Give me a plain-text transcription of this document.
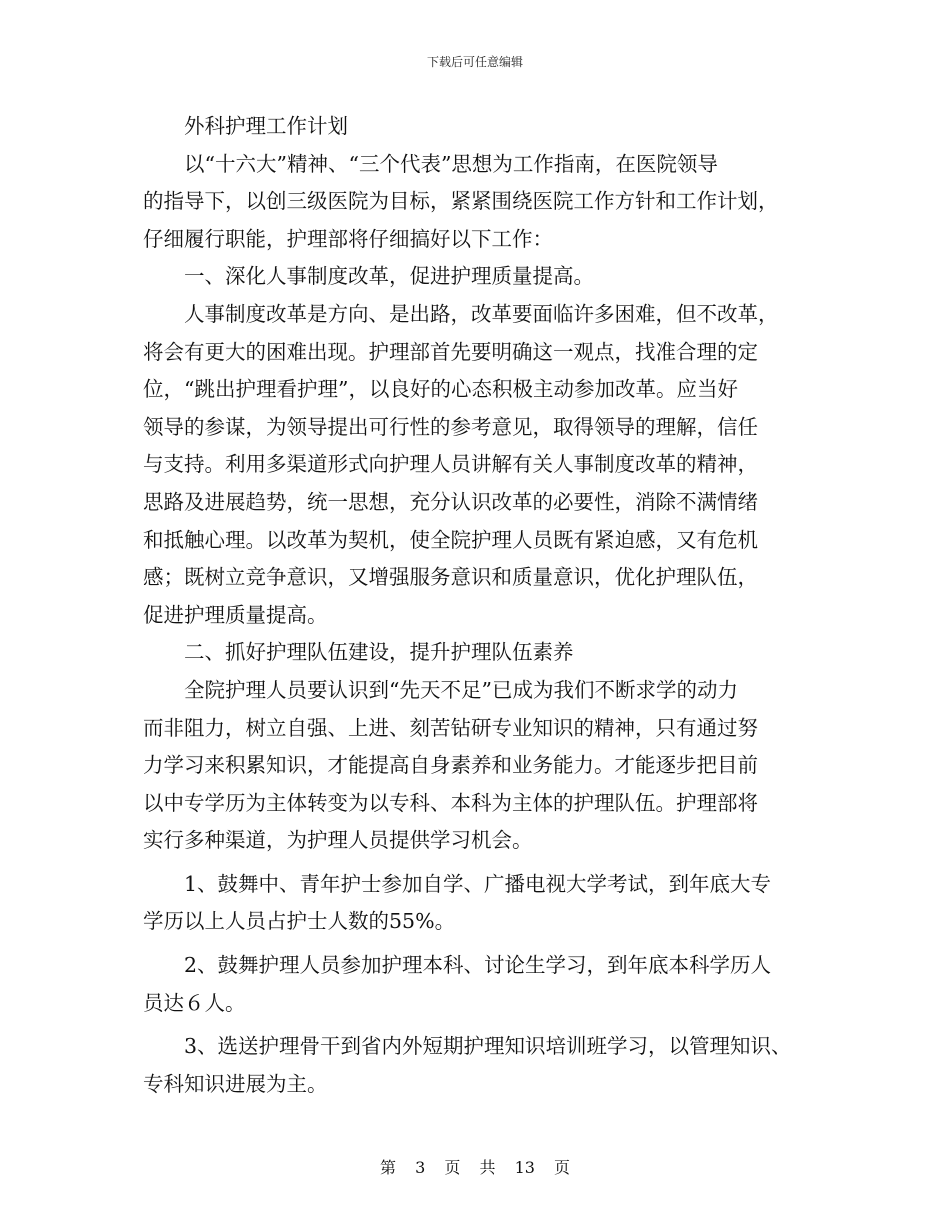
下载后可任意编辑
外科护理工作计划
以“十六大”精神、“三个代表”思想为工作指南，在医院领导
的指导下，以创三级医院为目标，紧紧围绕医院工作方针和工作计划，
仔细履行职能，护理部将仔细搞好以下工作：
一、深化人事制度改革，促进护理质量提高。
人事制度改革是方向、是出路，改革要面临许多困难，但不改革，
将会有更大的困难出现。护理部首先要明确这一观点，找准合理的定
位，“跳出护理看护理”，以良好的心态积极主动参加改革。应当好
领导的参谋，为领导提出可行性的参考意见，取得领导的理解，信任
与支持。利用多渠道形式向护理人员讲解有关人事制度改革的精神，
思路及进展趋势，统一思想，充分认识改革的必要性，消除不满情绪
和抵触心理。以改革为契机，使全院护理人员既有紧迫感，又有危机
感；既树立竞争意识，又增强服务意识和质量意识，优化护理队伍，
促进护理质量提高。
二、抓好护理队伍建设，提升护理队伍素养
全院护理人员要认识到“先天不足”已成为我们不断求学的动力
而非阻力，树立自强、上进、刻苦钻研专业知识的精神，只有通过努
力学习来积累知识，才能提高自身素养和业务能力。才能逐步把目前
以中专学历为主体转变为以专科、本科为主体的护理队伍。护理部将
实行多种渠道，为护理人员提供学习机会。
1、鼓舞中、青年护士参加自学、广播电视大学考试，到年底大专
学历以上人员占护士人数的55%。
2、鼓舞护理人员参加护理本科、讨论生学习，到年底本科学历人
员达６人。
3、选送护理骨干到省内外短期护理知识培训班学习，以管理知识、
专科知识进展为主。
第 3 页 共 13 页
